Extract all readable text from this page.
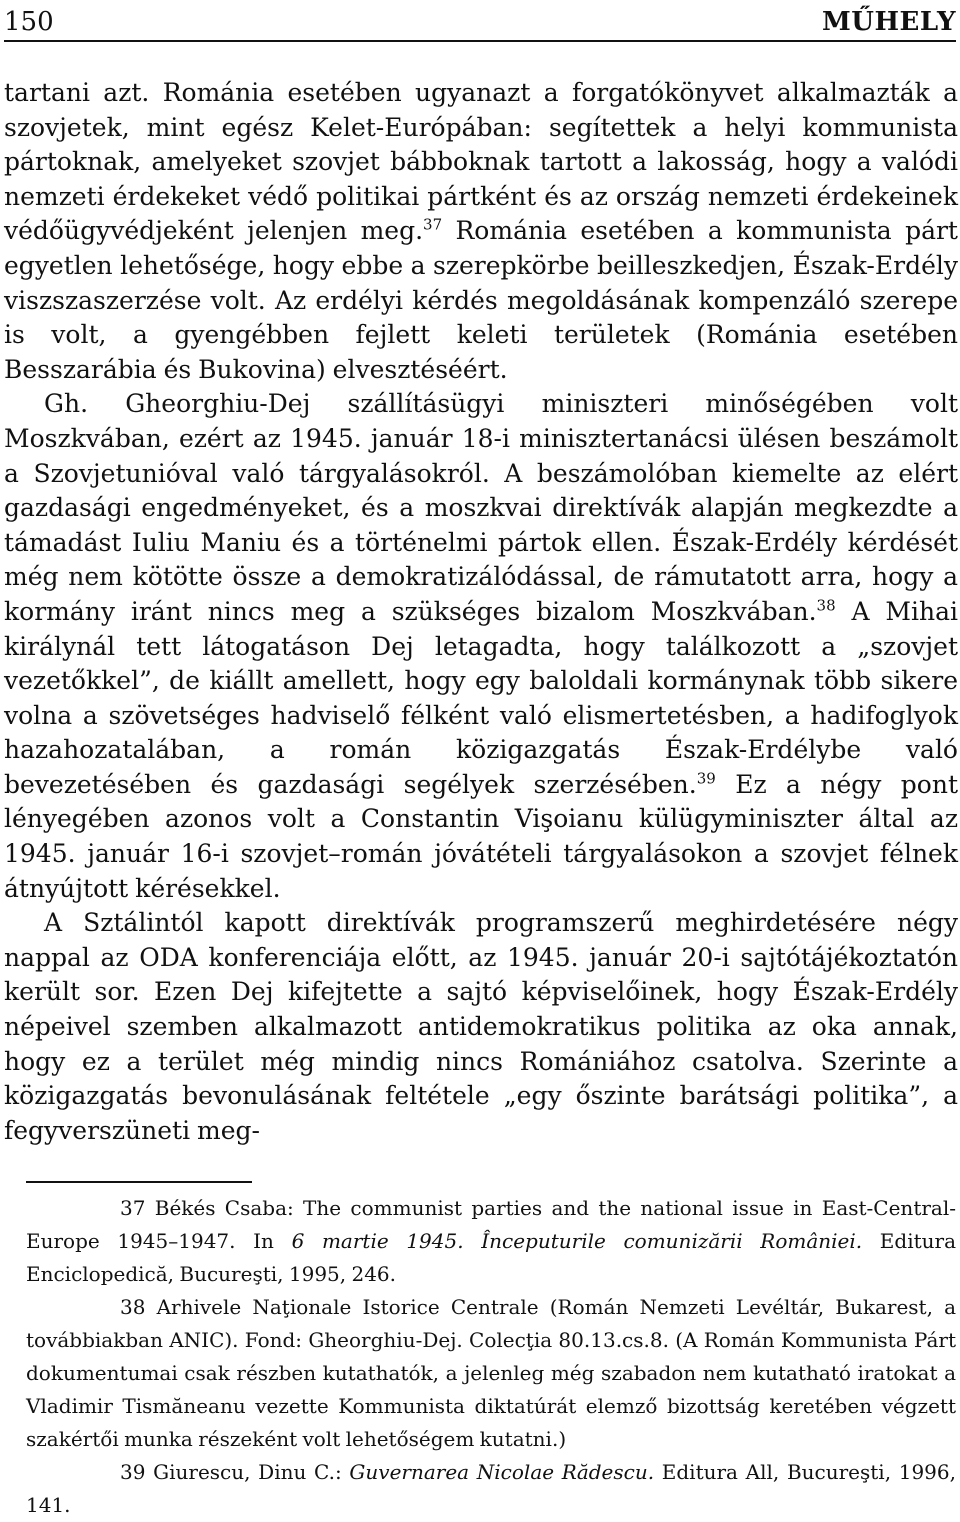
150	MŰHELY

tartani azt. Románia esetében ugyanazt a forgatókönyvet alkalmazták a szovjetek, mint egész Kelet-Európában: segítettek a helyi kommunista pártoknak, amelyeket szovjet bábboknak tartott a lakosság, hogy a valódi nemzeti érdekeket védő politikai pártként és az ország nemzeti érdekeinek védőügyvédjeként jelenjen meg.$^{37}$ Románia esetében a kommunista párt egyetlen lehetősége, hogy ebbe a szerepkörbe beilleszkedjen, Észak-Erdély viszszaszerzése volt. Az erdélyi kérdés megoldásának kompenzáló szerepe is volt, a gyengébben fejlett keleti területek (Románia esetében Besszarábia és Bukovina) elvesztéséért.

Gh. Gheorghiu-Dej szállításügyi miniszteri minőségében volt Moszkvában, ezért az 1945. január 18-i minisztertanácsi ülésen beszámolt a Szovjetunióval való tárgyalásokról. A beszámolóban kiemelte az elért gazdasági engedményeket, és a moszkvai direktívák alapján megkezdte a támadást Iuliu Maniu és a történelmi pártok ellen. Észak-Erdély kérdését még nem kötötte össze a demokratizálódással, de rámutatott arra, hogy a kormány iránt nincs meg a szükséges bizalom Moszkvában.$^{38}$ A Mihai királynál tett látogatáson Dej letagadta, hogy találkozott a „szovjet vezetőkkel”, de kiállt amellett, hogy egy baloldali kormánynak több sikere volna a szövetséges hadviselő félként való elismertetésben, a hadifoglyok hazahozatalában, a román közigazgatás Észak-Erdélybe való bevezetésében és gazdasági segélyek szerzésében.$^{39}$ Ez a négy pont lényegében azonos volt a Constantin Vişoianu külügyminiszter által az 1945. január 16-i szovjet–román jóvátételi tárgyalásokon a szovjet félnek átnyújtott kérésekkel.

A Sztálintól kapott direktívák programszerű meghirdetésére négy nappal az ODA konferenciája előtt, az 1945. január 20-i sajtótájékoztatón került sor. Ezen Dej kifejtette a sajtó képviselőinek, hogy Észak-Erdély népeivel szemben alkalmazott antidemokratikus politika az oka annak, hogy ez a terület még mindig nincs Romániához csatolva. Szerinte a közigazgatás bevonulásának feltétele „egy őszinte barátsági politika”, a fegyverszüneti meg-

37 Békés Csaba: The communist parties and the national issue in East-Central-Europe 1945–1947. In 6 martie 1945. Începuturile comunizării României. Editura Enciclopedică, Bucureşti, 1995, 246.

38 Arhivele Naţionale Istorice Centrale (Román Nemzeti Levéltár, Bukarest, a továbbiakban ANIC). Fond: Gheorghiu-Dej. Colecţia 80.13.cs.8. (A Román Kommunista Párt dokumentumai csak részben kutathatók, a jelenleg még szabadon nem kutatható iratokat a Vladimir Tismăneanu vezette Kommunista diktatúrát elemző bizottság keretében végzett szakértői munka részeként volt lehetőségem kutatni.)

39 Giurescu, Dinu C.: Guvernarea Nicolae Rădescu. Editura All, Bucureşti, 1996, 141.
